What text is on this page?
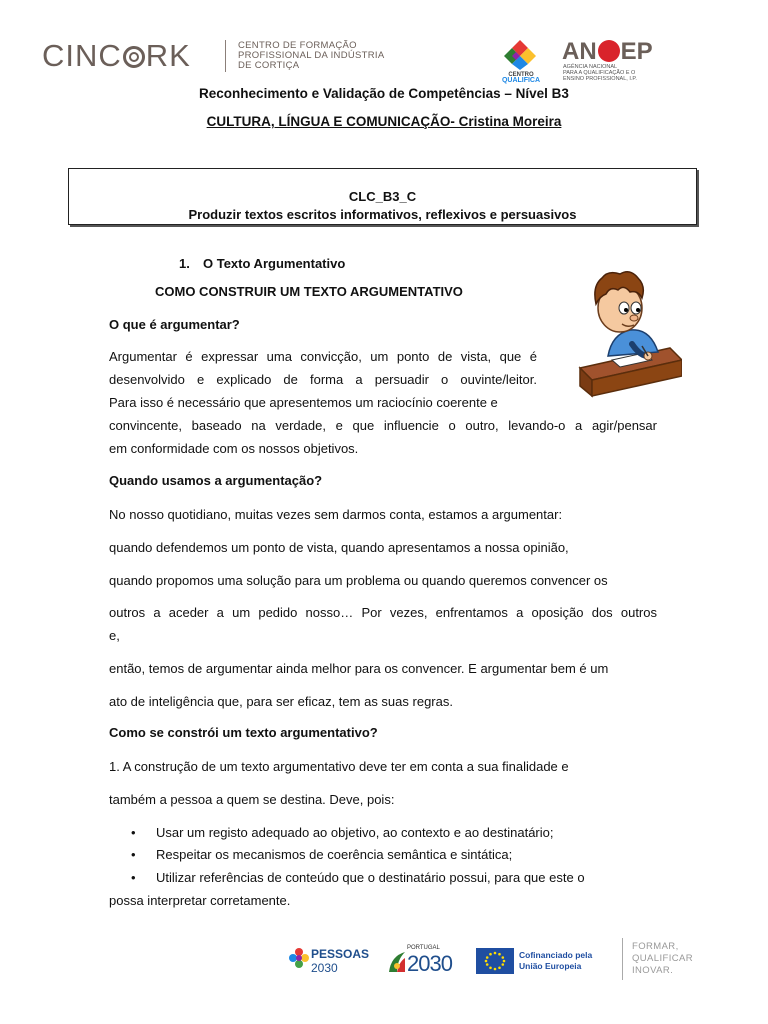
CINC RK	CENTRO DE FORMAÇÃO
PROFISSIONAL DA INDÚSTRIA
DE CORTIÇA
CENTRO
QUALIFICA
AN EP
AGÊNCIA NACIONAL
PARA A QUALIFICAÇÃO E O
ENSINO PROFISSIONAL, I.P.
Reconhecimento e Validação de Competências – Nível B3
CULTURA, LÍNGUA E COMUNICAÇÃO- Cristina Moreira
CLC_B3_C
Produzir textos escritos informativos, reflexivos e persuasivos
1. O Texto Argumentativo
COMO CONSTRUIR UM TEXTO ARGUMENTATIVO
O que é argumentar?
Argumentar é expressar uma convicção, um ponto de vista, que é
desenvolvido e explicado de forma a persuadir o ouvinte/leitor.
Para isso é necessário que apresentemos um raciocínio coerente e
convincente, baseado na verdade, e que influencie o outro, levando-o a agir/pensar
em conformidade com os nossos objetivos.
Quando usamos a argumentação?
No nosso quotidiano, muitas vezes sem darmos conta, estamos a argumentar:
quando defendemos um ponto de vista, quando apresentamos a nossa opinião,
quando propomos uma solução para um problema ou quando queremos convencer os
outros a aceder a um pedido nosso… Por vezes, enfrentamos a oposição dos outros
e,
então, temos de argumentar ainda melhor para os convencer. E argumentar bem é um
ato de inteligência que, para ser eficaz, tem as suas regras.
Como se constrói um texto argumentativo?
1. A construção de um texto argumentativo deve ter em conta a sua finalidade e
também a pessoa a quem se destina. Deve, pois:
• Usar um registo adequado ao objetivo, ao contexto e ao destinatário;
• Respeitar os mecanismos de coerência semântica e sintática;
• Utilizar referências de conteúdo que o destinatário possui, para que este o
possa interpretar corretamente.
PESSOAS
2030
PORTUGAL
2030	Cofinanciado pela
União Europeia
FORMAR,
QUALIFICAR
INOVAR.
